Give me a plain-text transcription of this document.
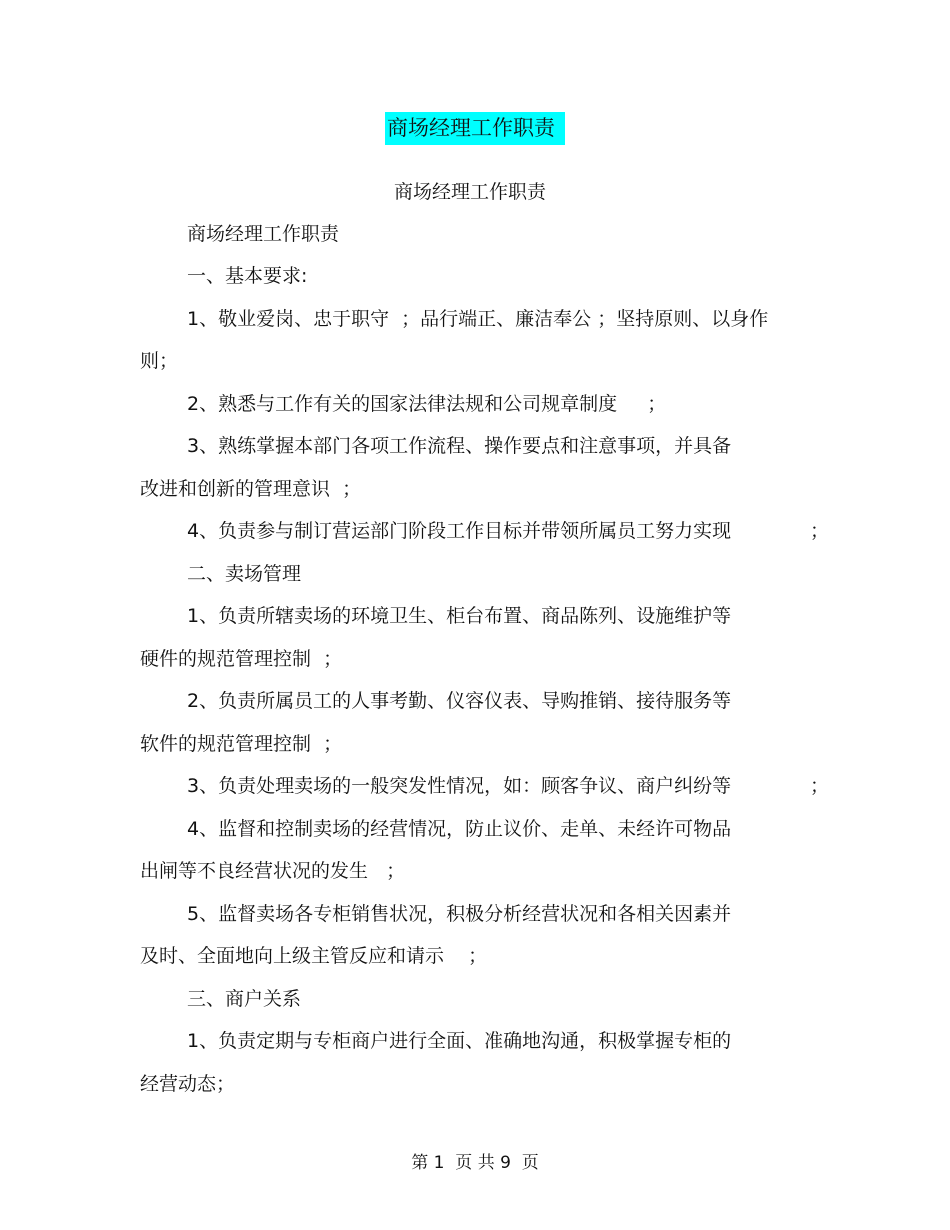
商场经理工作职责
商场经理工作职责
商场经理工作职责
一、基本要求:
1、敬业爱岗、忠于职守  ；品行端正、廉洁奉公 ；坚持原则、以身作
则；
2、熟悉与工作有关的国家法律法规和公司规章制度     ；
3、熟练掌握本部门各项工作流程、操作要点和注意事项，并具备
改进和创新的管理意识  ；
4、负责参与制订营运部门阶段工作目标并带领所属员工努力实现	；
二、卖场管理
1、负责所辖卖场的环境卫生、柜台布置、商品陈列、设施维护等
硬件的规范管理控制  ；
2、负责所属员工的人事考勤、仪容仪表、导购推销、接待服务等
软件的规范管理控制  ；
3、负责处理卖场的一般突发性情况，如：顾客争议、商户纠纷等	；
4、监督和控制卖场的经营情况，防止议价、走单、未经许可物品
出闸等不良经营状况的发生   ；
5、监督卖场各专柜销售状况，积极分析经营状况和各相关因素并
及时、全面地向上级主管反应和请示    ；
三、商户关系
1、负责定期与专柜商户进行全面、准确地沟通，积极掌握专柜的
经营动态；
第 1  页 共 9  页
